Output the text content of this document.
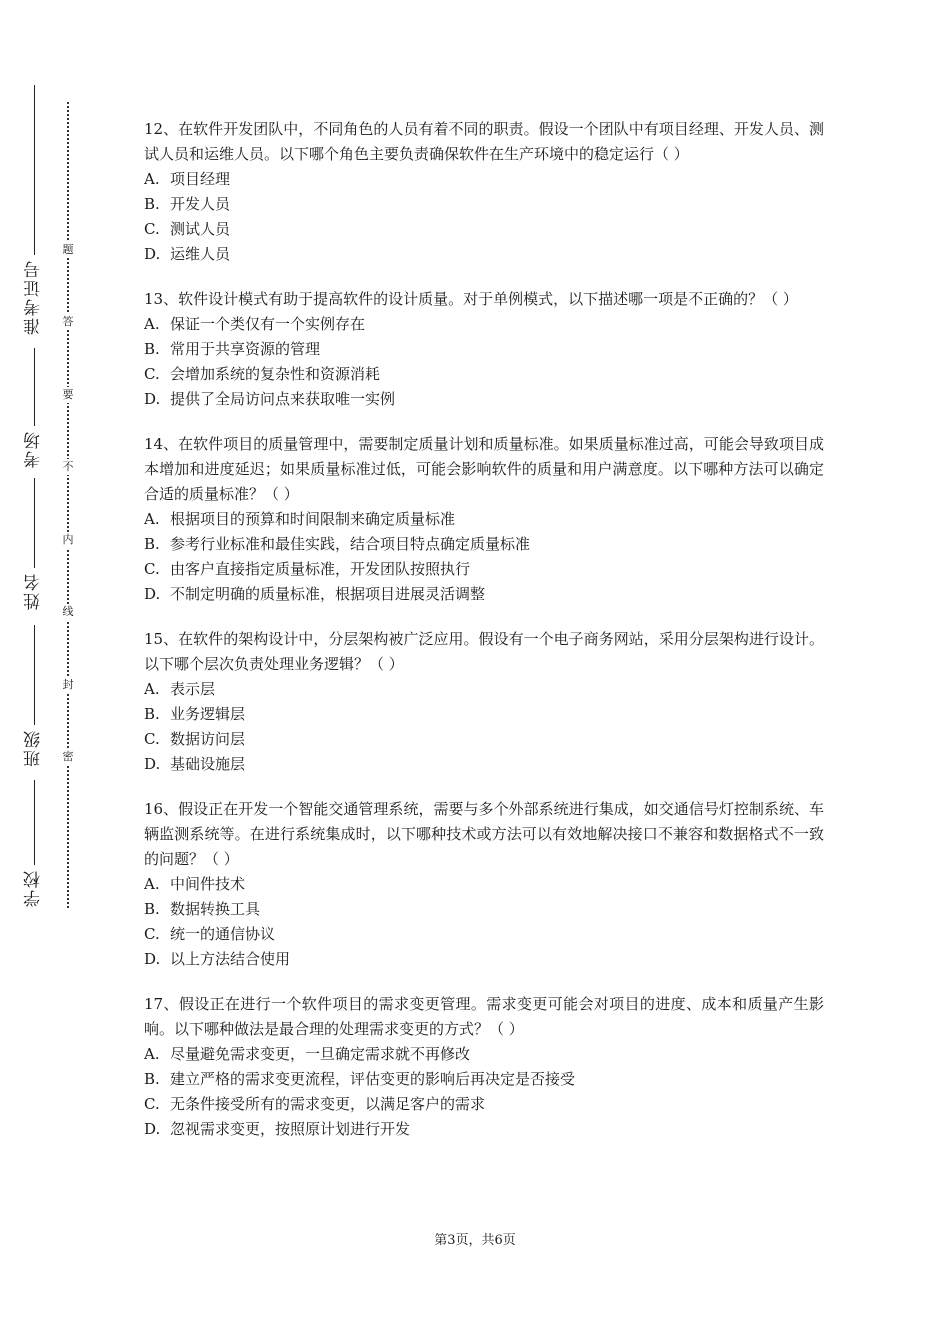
准考证号
考场
姓名
班级
学校
题
答
要
不
内
线
封
密

12、在软件开发团队中，不同角色的人员有着不同的职责。假设一个团队中有项目经理、开发人员、测试人员和运维人员。以下哪个角色主要负责确保软件在生产环境中的稳定运行（ ）

A. 项目经理

B. 开发人员

C. 测试人员

D. 运维人员

13、软件设计模式有助于提高软件的设计质量。对于单例模式，以下描述哪一项是不正确的？（ ）

A. 保证一个类仅有一个实例存在

B. 常用于共享资源的管理

C. 会增加系统的复杂性和资源消耗

D. 提供了全局访问点来获取唯一实例

14、在软件项目的质量管理中，需要制定质量计划和质量标准。如果质量标准过高，可能会导致项目成本增加和进度延迟；如果质量标准过低，可能会影响软件的质量和用户满意度。以下哪种方法可以确定合适的质量标准？（ ）

A. 根据项目的预算和时间限制来确定质量标准

B. 参考行业标准和最佳实践，结合项目特点确定质量标准

C. 由客户直接指定质量标准，开发团队按照执行

D. 不制定明确的质量标准，根据项目进展灵活调整

15、在软件的架构设计中，分层架构被广泛应用。假设有一个电子商务网站，采用分层架构进行设计。以下哪个层次负责处理业务逻辑？（ ）

A. 表示层

B. 业务逻辑层

C. 数据访问层

D. 基础设施层

16、假设正在开发一个智能交通管理系统，需要与多个外部系统进行集成，如交通信号灯控制系统、车辆监测系统等。在进行系统集成时，以下哪种技术或方法可以有效地解决接口不兼容和数据格式不一致的问题？（ ）

A. 中间件技术

B. 数据转换工具

C. 统一的通信协议

D. 以上方法结合使用

17、假设正在进行一个软件项目的需求变更管理。需求变更可能会对项目的进度、成本和质量产生影响。以下哪种做法是最合理的处理需求变更的方式？（ ）

A. 尽量避免需求变更，一旦确定需求就不再修改

B. 建立严格的需求变更流程，评估变更的影响后再决定是否接受

C. 无条件接受所有的需求变更，以满足客户的需求

D. 忽视需求变更，按照原计划进行开发

第3页，共6页
